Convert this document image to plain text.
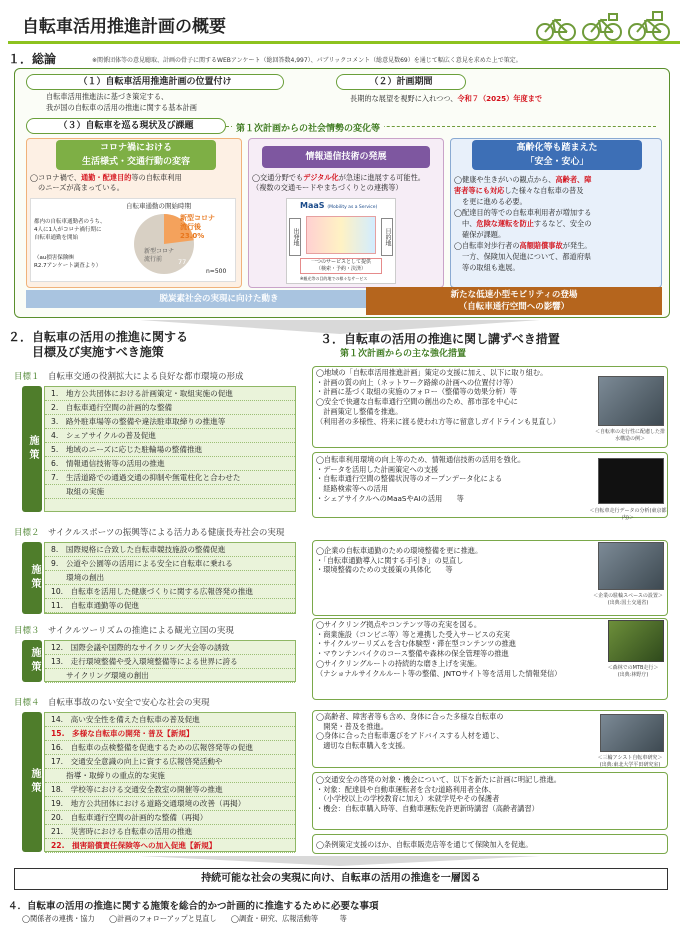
自転車活用推進計画の概要
１．総論	※関係団体等の意見聴取、計画の骨子に関するWEBアンケート（総回答数4,997）、パブリックコメント（総意見数69）を通じて幅広く意見を求めた上で策定。
（１）自転車活用推進計画の位置付け
自転車活用推進法に基づき策定する、
我が国の自転車の活用の推進に関する基本計画
（２）計画期間
長期的な展望を視野に入れつつ、令和７（2025）年度まで
（３）自転車を巡る現状及び課題	第１次計画からの社会情勢の変化等
コロナ禍における
生活様式・交通行動の変容
◯コロナ禍で、通勤・配達目的等の自転車利用
のニーズが高まっている。
自転車通勤の開始時期
都内の自転車通勤者のうち、
4人に1人がコロナ禍行期に
自転車通勤を開始
（au損害保険㈱
R2.7アンケート調査より）
新型コロナ
流行後
23.0%
新型コロナ
流行前	77.0%
n=500
情報通信技術の発展
◯交通分野でもデジタル化が急速に進展する可能性。
（複数の交通モードやまちづくりとの連携等）
MaaS (Mobility as a Service)
出発地	目的地
一つのサービスとして提供
（検索・予約・決済）
※観光等の目的地での様々なサービス
高齢化等も踏まえた
「安全・安心」
◯健康や生きがいの観点から、高齢者、障
害者等にも対応した様々な自転車の普及
を更に進める必要。
◯配達目的等での自転車利用者が増加する
中、危険な運転を防止するなど、安全の
確保が課題。
◯自転車対歩行者の高額賠償事故が発生。
一方、保険加入促進について、都道府県
等の取組も進展。
脱炭素社会の実現に向けた動き	新たな低速小型モビリティの登場
（自転車通行空間への影響）
２．自転車の活用の推進に関する
目標及び実施すべき施策
３．自転車の活用の推進に関し講ずべき措置
第１次計画からの主な強化措置
目標１　 自転車交通の役割拡大による良好な都市環境の形成
施策
1.　地方公共団体における計画策定・取組実施の促進
2.　自転車通行空間の計画的な整備
3.　路外駐車場等の整備や違法駐車取締りの推進等
4.　シェアサイクルの普及促進
5.　地域のニーズに応じた駐輪場の整備推進
6.　情報通信技術等の活用の推進
7.　生活道路での通過交通の抑制や無電柱化と合わせた
　　取組の実施
◯地域の「自転車活用推進計画」策定の支援に加え、以下に取り組む。
・計画の質の向上（ネットワーク路線の計画への位置付け等）
・計画に基づく取組の実施のフォロー（整備等の効果分析）等
◯安全で快適な自転車通行空間の創出のため、都市部を中心に
　計画策定し整備を推進。
（利用者の多様性、将来に渡る使われ方等に留意しガイドラインも見直し）
＜自転車の走行性に配慮した排水構造の例＞
◯自転車利用環境の向上等のため、情報通信技術の活用を強化。
・データを活用した計画策定への支援
・自転車通行空間の整備状況等のオープンデータ化による
　経路検索等への活用
・シェアサイクルへのMaaSやAIの活用　　等
＜自転車走行データの分析(東京都内)＞
目標２　 サイクルスポーツの振興等による活力ある健康長寿社会の実現
施策
8.　国際規格に合致した自転車競技施設の整備促進
9.　公道や公園等の活用による安全に自転車に乗れる
　　環境の創出
10.　自転車を活用した健康づくりに関する広報啓発の推進
11.　自転車通勤等の促進
◯企業の自転車通勤のための環境整備を更に推進。
・「自転車通勤導入に関する手引き」の見直し
・環境整備のための支援策の具体化　　等
＜企業の駐輪スペースの設置＞
(出典:国土交通省)
目標３　 サイクルツーリズムの推進による観光立国の実現
施策	12.　国際会議や国際的なサイクリング大会等の誘致
13.　走行環境整備や受入環境整備等による世界に誇る
　　サイクリング環境の創出
◯サイクリング拠点やコンテンツ等の充実を図る。
・商業施設（コンビニ等）等と連携した受入サービスの充実
・サイクルツーリズムを含む体験型・滞在型コンテンツの推進
・マウンテンバイクのコース整備や森林の保全管理等の推進
◯サイクリングルートの持続的な磨き上げを実施。
（ナショナルサイクルルート等の整備、JNTOサイト等を活用した情報発信）
＜森林でのMTB走行＞
(出典:林野庁)
目標４　 自転車事故のない安全で安心な社会の実現
施策
14.　高い安全性を備えた自転車の普及促進
15.　多様な自転車の開発・普及【新規】
16.　自転車の点検整備を促進するための広報啓発等の促進
17.　交通安全意識の向上に資する広報啓発活動や
　　指導・取締りの重点的な実施
18.　学校等における交通安全教室の開催等の推進
19.　地方公共団体における道路交通環境の改善（再掲）
20.　自転車通行空間の計画的な整備（再掲）
21.　災害時における自転車の活用の推進
22.　損害賠償責任保険等への加入促進【新規】
◯高齢者、障害者等も含め、身体に合った多様な自転車の
　開発・普及を推進。
◯身体に合った自転車選びをアドバイスする人材を通じ、
　適切な自転車購入を支援。
＜三輪アシスト自転車研究＞
(出典:東北大学平田研究室)
◯交通安全の啓発の対象・機会について、以下を新たに計画に明記し推進。
・対象：配達員や自動車運転者を含む道路利用者全体、
　（小学校以上の学校教育に加え）未就学児やその保護者
・機会：自転車購入時等、自動車運転免許更新時講習（高齢者講習）
◯条例策定支援のほか、自転車販売店等を通じて保険加入を促進。
持続可能な社会の実現に向け、自転車の活用の推進を一層図る
４．自転車の活用の推進に関する施策を総合的かつ計画的に推進するために必要な事項
◯関係者の連携・協力　　◯計画のフォローアップと見直し　　◯調査・研究、広報活動等　　　等
